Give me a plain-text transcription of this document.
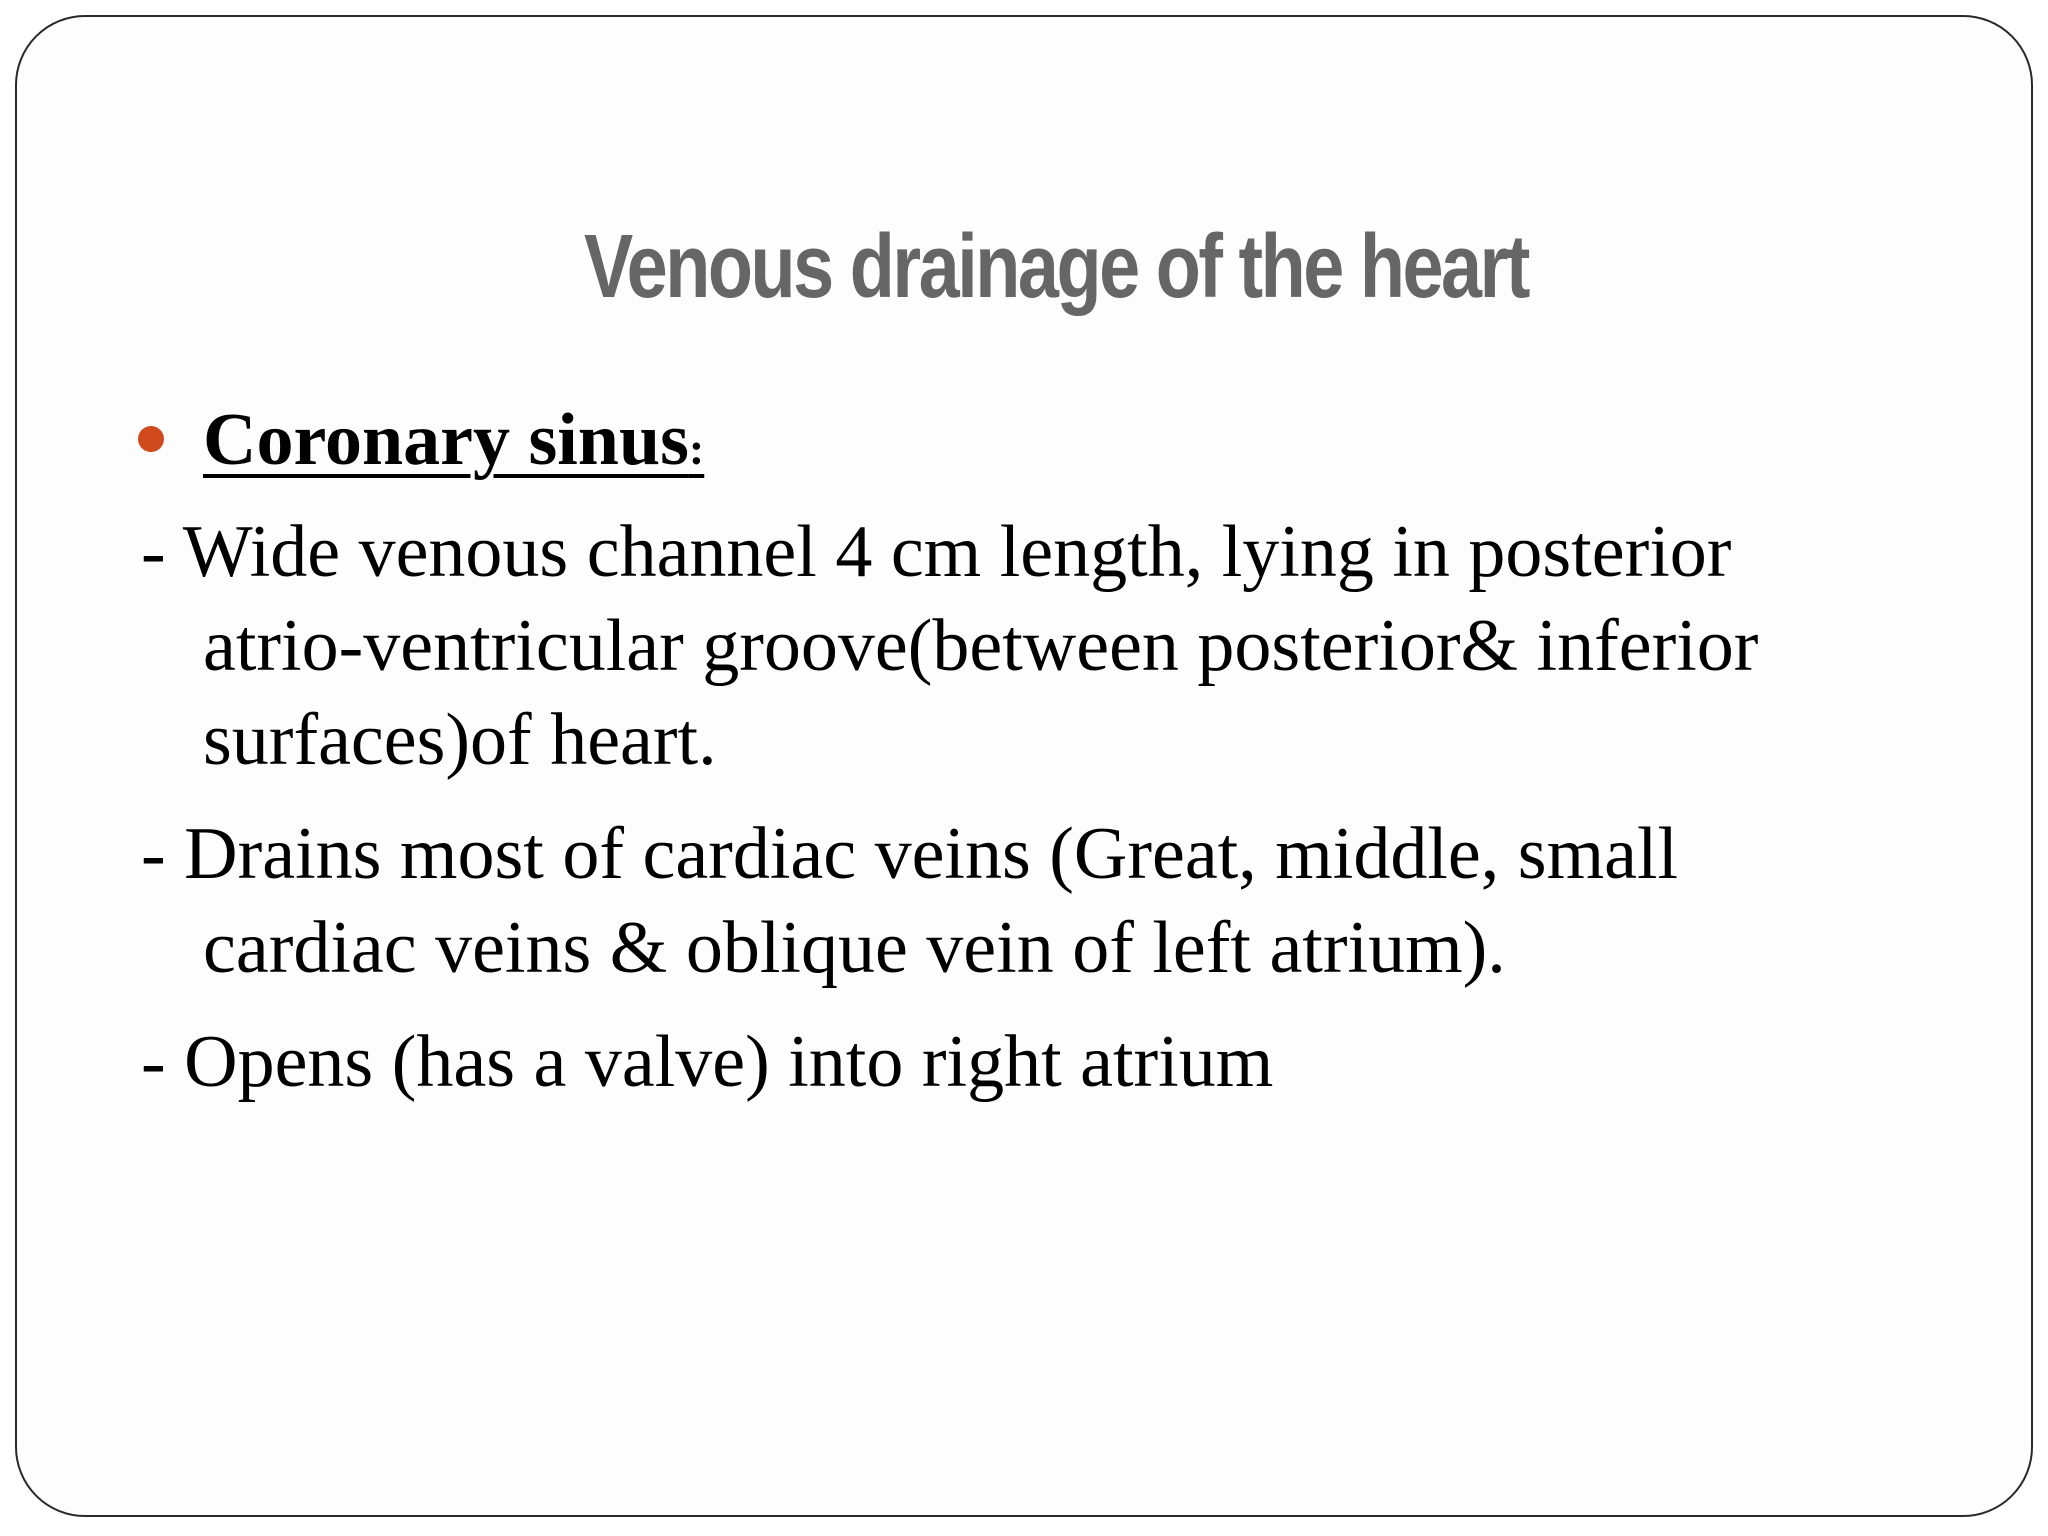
Venous drainage of the heart
Coronary sinus:
- Wide venous channel 4 cm length, lying in posterior
atrio-ventricular groove(between posterior& inferior
surfaces)of heart.
- Drains most of cardiac veins (Great, middle, small
cardiac veins & oblique vein of left atrium).
- Opens (has a valve) into right atrium
